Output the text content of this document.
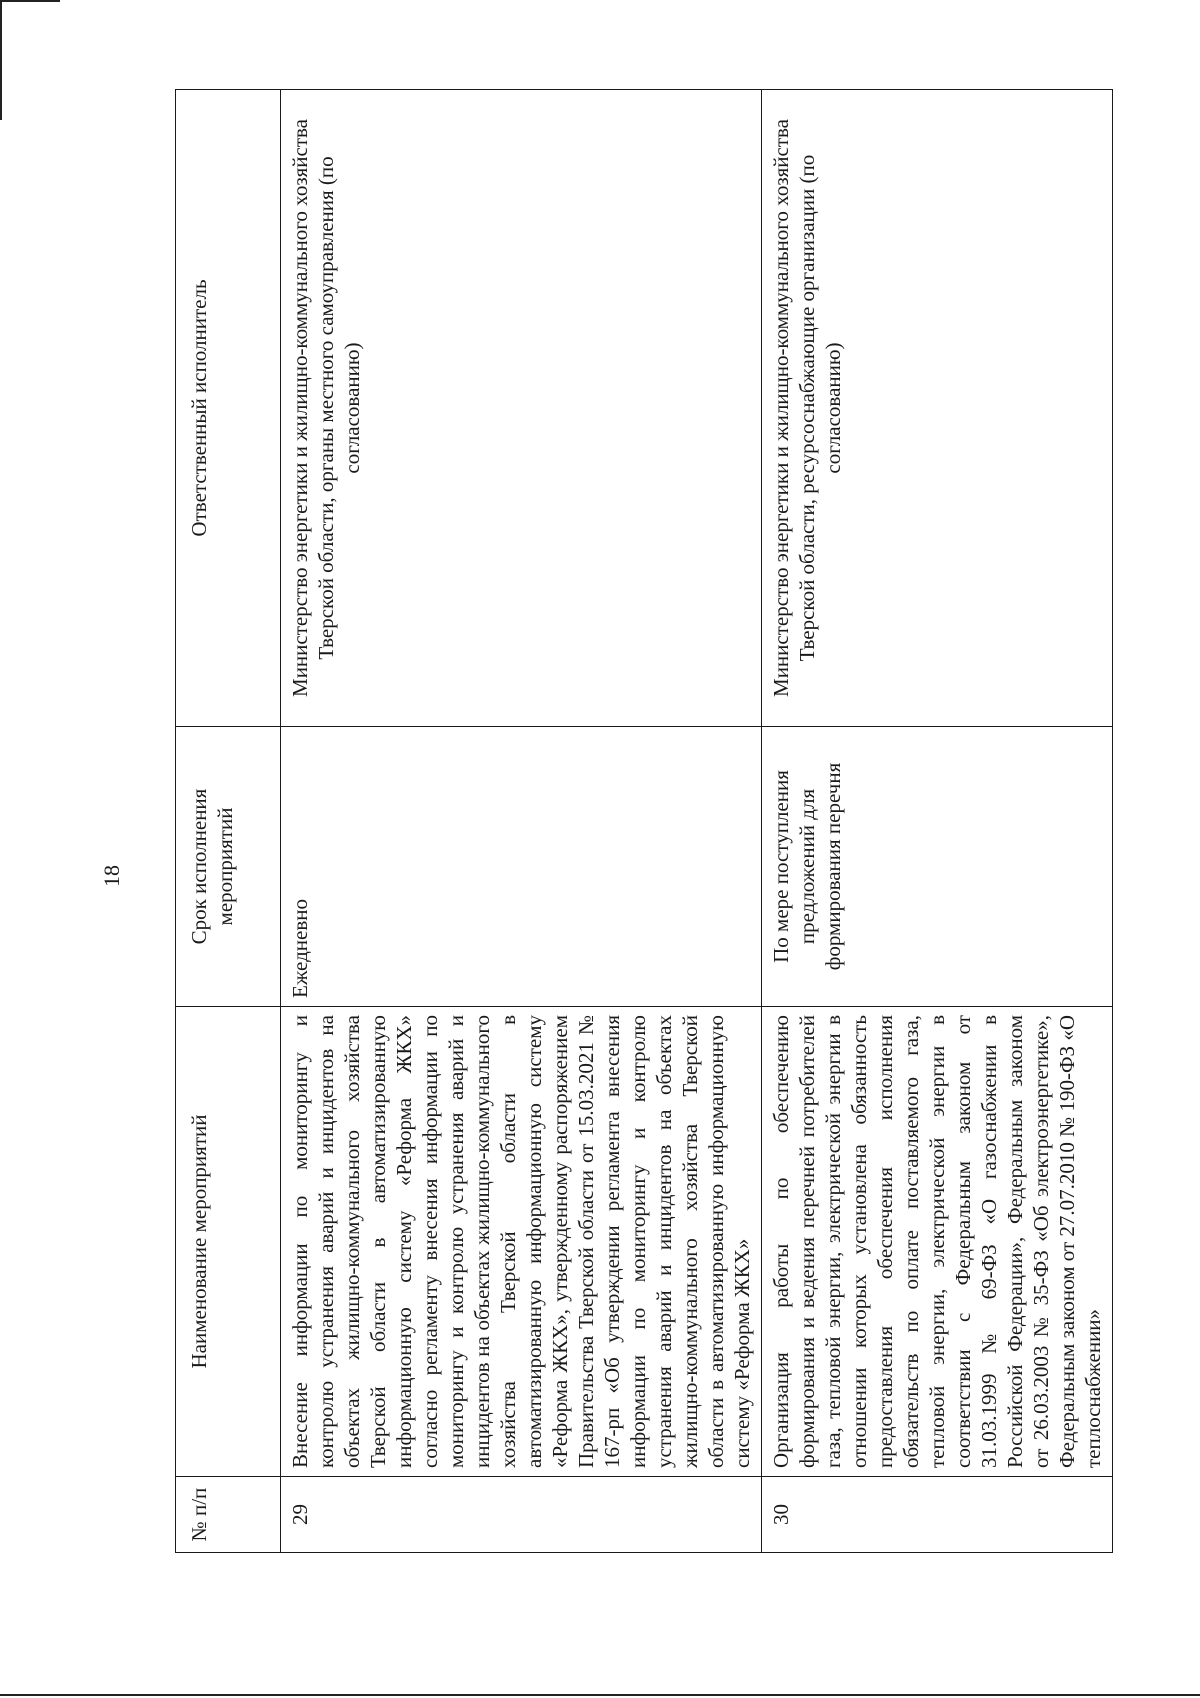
18
№ п/п	Наименование мероприятий	Срок исполнения мероприятий	Ответственный исполнитель
29	Внесение информации по мониторингу и контролю устранения аварий и инцидентов на объектах жилищно-коммунального хозяйства Тверской области в автоматизированную информационную систему «Реформа ЖКХ» согласно регламенту внесения информации по мониторингу и контролю устранения аварий и инцидентов на объектах жилищно-коммунального хозяйства Тверской области в автоматизированную информационную систему «Реформа ЖКХ», утвержденному распоряжением Правительства Тверской области от 15.03.2021 № 167-рп «Об утверждении регламента внесения информации по мониторингу и контролю устранения аварий и инцидентов на объектах жилищно-коммунального хозяйства Тверской области в автоматизированную информационную систему «Реформа ЖКХ»	Ежедневно	Министерство энергетики и жилищно-коммунального хозяйства Тверской области, органы местного самоуправления (по согласованию)
30	Организация работы по обеспечению формирования и ведения перечней потребителей газа, тепловой энергии, электрической энергии в отношении которых установлена обязанность предоставления обеспечения исполнения обязательств по оплате поставляемого газа, тепловой энергии, электрической энергии в соответствии с Федеральным законом от 31.03.1999 № 69-ФЗ «О газоснабжении в Российской Федерации», Федеральным законом от 26.03.2003 № 35-ФЗ «Об электроэнергетике», Федеральным законом от 27.07.2010 № 190-ФЗ «О теплоснабжении»	По мере поступления предложений для формирования перечня	Министерство энергетики и жилищно-коммунального хозяйства Тверской области, ресурсоснабжающие организации (по согласованию)
